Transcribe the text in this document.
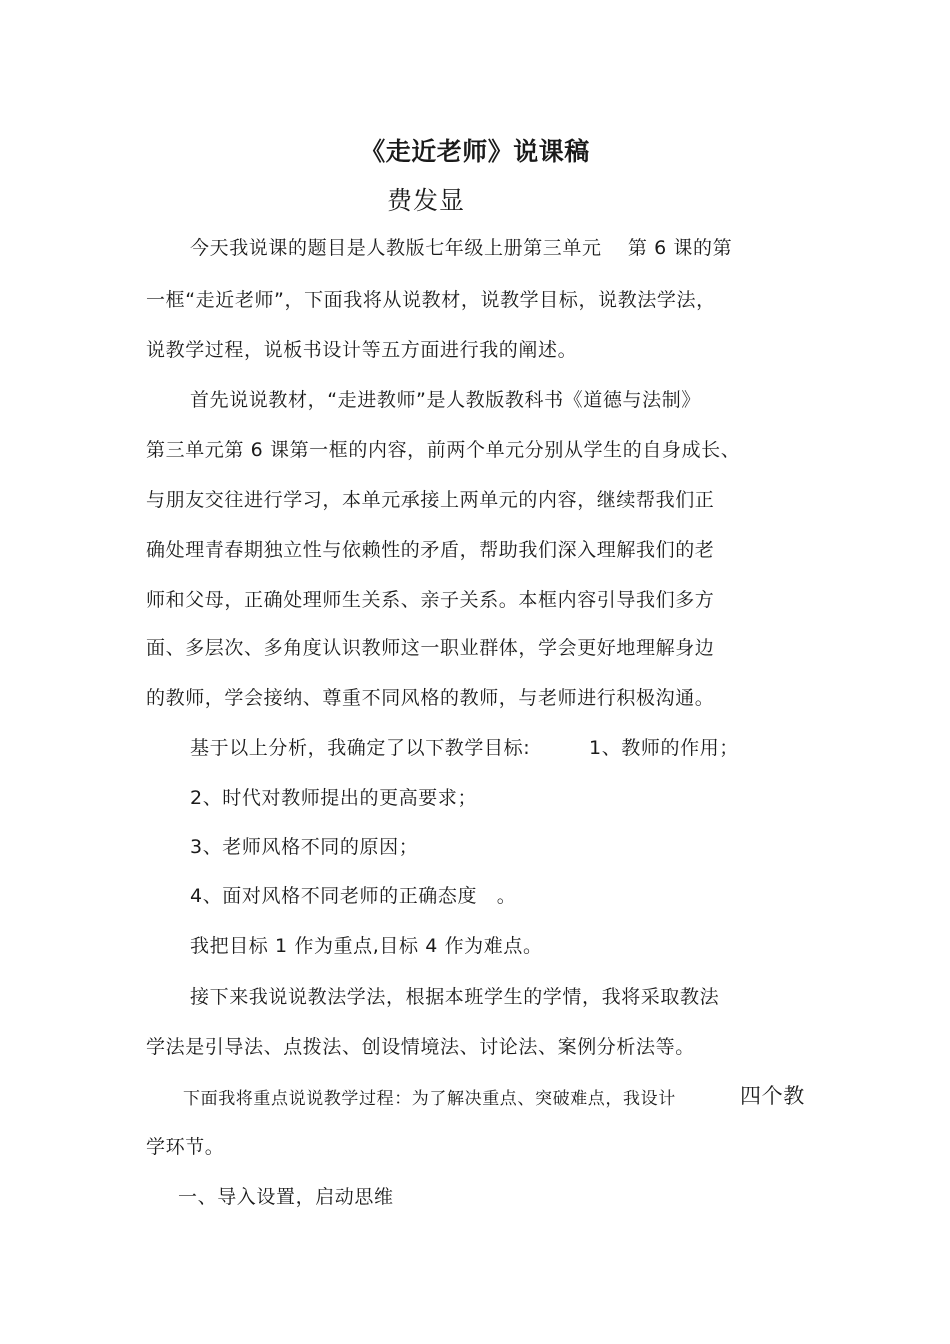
《走近老师》说课稿
费发显
今天我说课的题目是人教版七年级上册第三单元　 第 6 课的第
一框“走近老师”，下面我将从说教材，说教学目标，说教法学法，
说教学过程，说板书设计等五方面进行我的阐述。
首先说说教材，“走进教师”是人教版教科书《道德与法制》
第三单元第 6 课第一框的内容，前两个单元分别从学生的自身成长、
与朋友交往进行学习，本单元承接上两单元的内容，继续帮我们正
确处理青春期独立性与依赖性的矛盾，帮助我们深入理解我们的老
师和父母，正确处理师生关系、亲子关系。本框内容引导我们多方
面、多层次、多角度认识教师这一职业群体，学会更好地理解身边
的教师，学会接纳、尊重不同风格的教师，与老师进行积极沟通。
基于以上分析，我确定了以下教学目标:　　　1、教师的作用；
2、时代对教师提出的更高要求；
3、老师风格不同的原因；
4、面对风格不同老师的正确态度　。
我把目标 1 作为重点,目标 4 作为难点。
接下来我说说教法学法，根据本班学生的学情，我将采取教法
学法是引导法、点拨法、创设情境法、讨论法、案例分析法等。
下面我将重点说说教学过程：为了解决重点、突破难点，我设计	四个教
学环节。
一、导入设置，启动思维
